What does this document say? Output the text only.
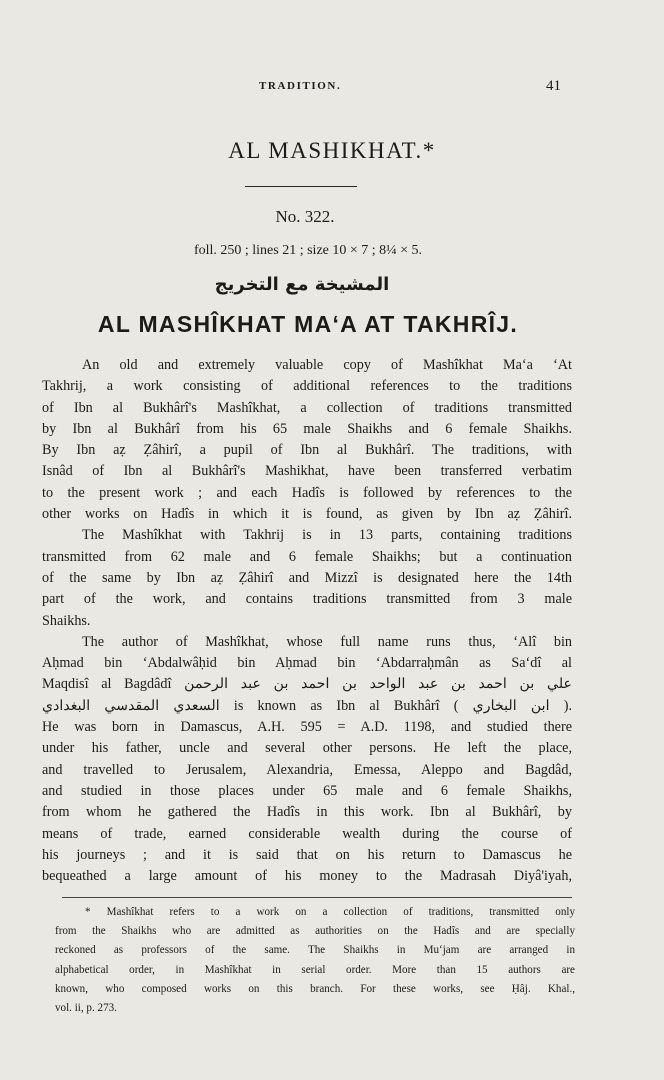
TRADITION.	41
AL MASHIKHAT.*
No. 322.
foll. 250 ; lines 21 ; size 10 × 7 ; 8¼ × 5.
المشيخة مع التخريج
AL MASHÎKHAT MA‘A AT TAKHRÎJ.
An old and extremely valuable copy of Mashîkhat Ma‘a ‘At
Takhrij, a work consisting of additional references to the traditions
of Ibn al Bukhârî's Mashîkhat, a collection of traditions transmitted
by Ibn al Bukhârî from his 65 male Shaikhs and 6 female Shaikhs.
By Ibn aẓ Ẓâhirî, a pupil of Ibn al Bukhârî. The traditions, with
Isnâd of Ibn al Bukhârî's Mashikhat, have been transferred verbatim
to the present work ; and each Hadîs is followed by references to the
other works on Hadîs in which it is found, as given by Ibn aẓ Ẓâhirî.
The Mashîkhat with Takhrij is in 13 parts, containing traditions
transmitted from 62 male and 6 female Shaikhs; but a continuation
of the same by Ibn aẓ Ẓâhirî and Mizzî is designated here the 14th
part of the work, and contains traditions transmitted from 3 male
Shaikhs.
The author of Mashîkhat, whose full name runs thus, ‘Alî bin
Aḥmad bin ‘Abdalwâḥid bin Aḥmad bin ‘Abdarraḥmân as Sa‘dî al
Maqdisî al Bagdâdî علي بن احمد بن عبد الواحد بن احمد بن عبد الرحمن
السعدي المقدسي البغدادي is known as Ibn al Bukhârî ( ابن البخاري ).
He was born in Damascus, A.H. 595 = A.D. 1198, and studied there
under his father, uncle and several other persons. He left the place,
and travelled to Jerusalem, Alexandria, Emessa, Aleppo and Bagdâd,
and studied in those places under 65 male and 6 female Shaikhs,
from whom he gathered the Hadîs in this work. Ibn al Bukhârî, by
means of trade, earned considerable wealth during the course of
his journeys ; and it is said that on his return to Damascus he
bequeathed a large amount of his money to the Madrasah Diyâ'iyah,
* Mashîkhat refers to a work on a collection of traditions, transmitted only
from the Shaikhs who are admitted as authorities on the Hadîs and are specially
reckoned as professors of the same. The Shaikhs in Mu‘jam are arranged in
alphabetical order, in Mashîkhat in serial order. More than 15 authors are
known, who composed works on this branch. For these works, see Ḥâj. Khal.,
vol. ii, p. 273.
